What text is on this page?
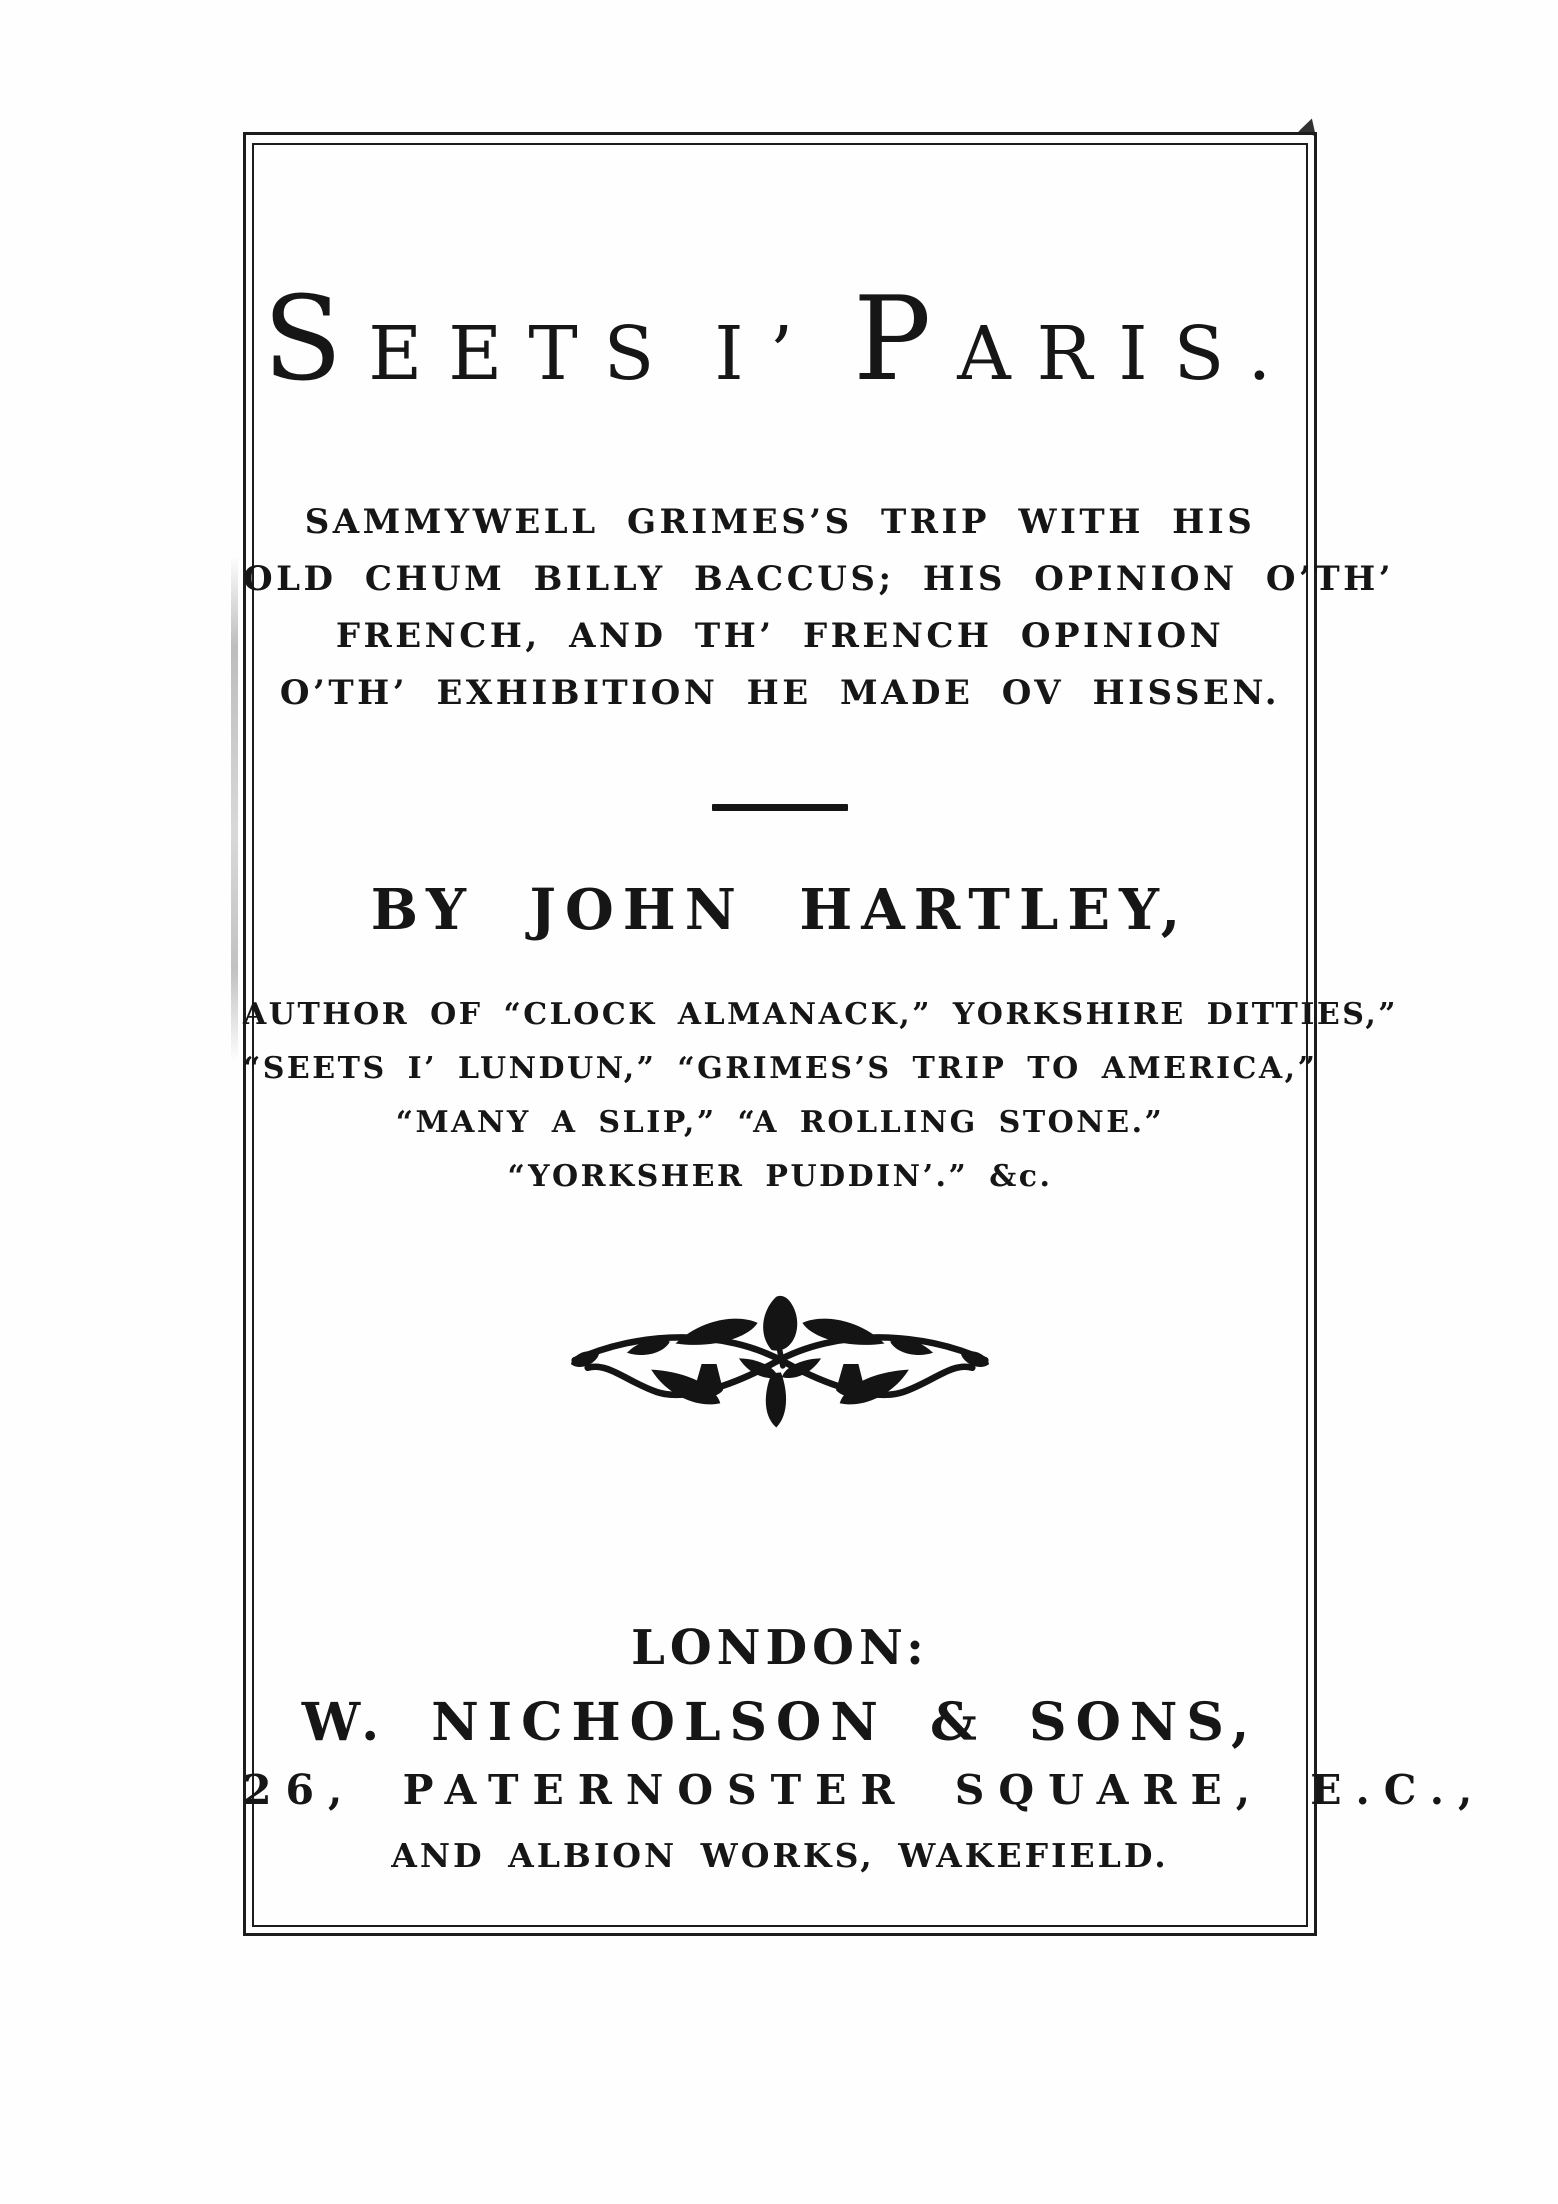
SEETS I’ PARIS.
SAMMYWELL GRIMES’S TRIP WITH HIS
OLD CHUM BILLY BACCUS; HIS OPINION O’TH’
FRENCH, AND TH’ FRENCH OPINION
O’TH’ EXHIBITION HE MADE OV HISSEN.
BY JOHN HARTLEY,
AUTHOR OF “CLOCK ALMANACK,” YORKSHIRE DITTIES,”
“SEETS I’ LUNDUN,” “GRIMES’S TRIP TO AMERICA,”
“MANY A SLIP,” “A ROLLING STONE.”
“YORKSHER PUDDIN’.” &c.
LONDON:
W. NICHOLSON & SONS,
26, PATERNOSTER SQUARE, E.C.,
AND ALBION WORKS, WAKEFIELD.
